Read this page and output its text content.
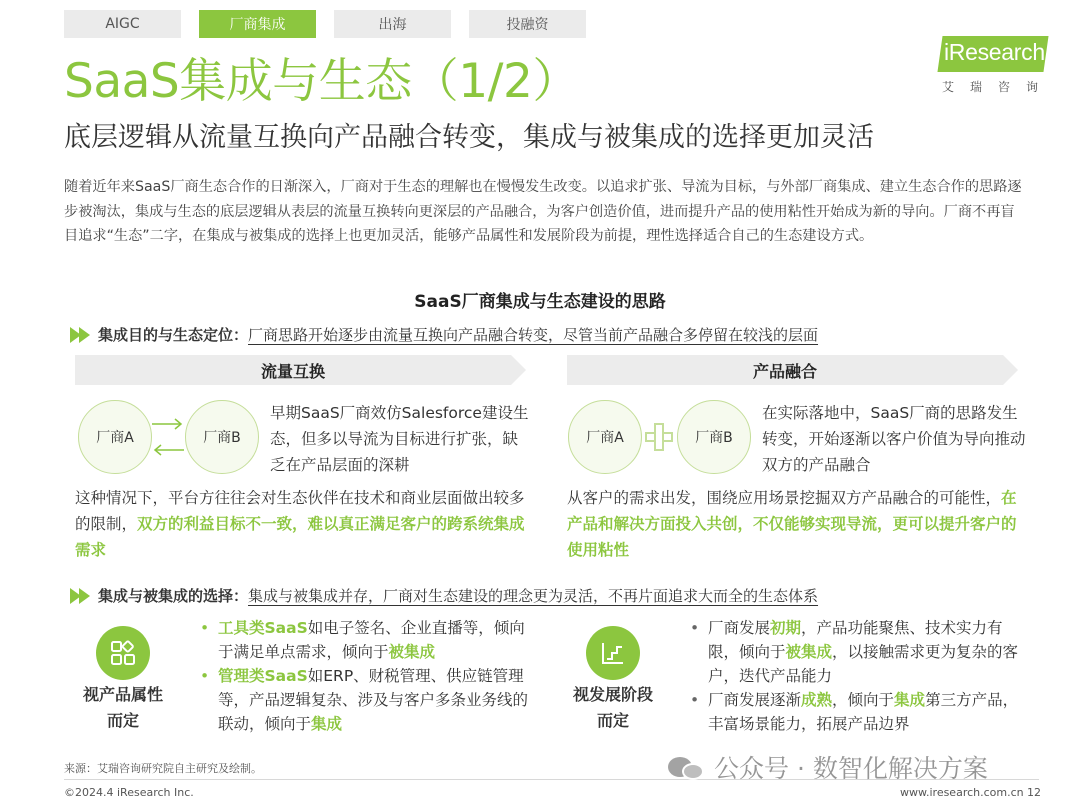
AIGC	厂商集成	出海	投融资
iResearch
艾 瑞 咨 询
SaaS集成与生态（1/2）
底层逻辑从流量互换向产品融合转变，集成与被集成的选择更加灵活

随着近年来SaaS厂商生态合作的日渐深入，厂商对于生态的理解也在慢慢发生改变。以追求扩张、导流为目标，与外部厂商集成、建立生态合作的思路逐步被淘汰，集成与生态的底层逻辑从表层的流量互换转向更深层的产品融合，为客户创造价值，进而提升产品的使用粘性开始成为新的导向。厂商不再盲目追求“生态”二字，在集成与被集成的选择上也更加灵活，能够产品属性和发展阶段为前提，理性选择适合自己的生态建设方式。

SaaS厂商集成与生态建设的思路
集成目的与生态定位： 厂商思路开始逐步由流量互换向产品融合转变，尽管当前产品融合多停留在较浅的层面
流量互换
厂商A	厂商B
早期SaaS厂商效仿Salesforce建设生态，但多以导流为目标进行扩张，缺乏在产品层面的深耕
这种情况下，平台方往往会对生态伙伴在技术和商业层面做出较多的限制，双方的利益目标不一致，难以真正满足客户的跨系统集成需求
产品融合
厂商A	厂商B
在实际落地中，SaaS厂商的思路发生转变，开始逐渐以客户价值为导向推动双方的产品融合
从客户的需求出发，围绕应用场景挖掘双方产品融合的可能性，在产品和解决方面投入共创，不仅能够实现导流，更可以提升客户的使用粘性
集成与被集成的选择： 集成与被集成并存，厂商对生态建设的理念更为灵活，不再片面追求大而全的生态体系
视产品属性
而定
• 工具类SaaS如电子签名、企业直播等，倾向于满足单点需求，倾向于被集成
• 管理类SaaS如ERP、财税管理、供应链管理等，产品逻辑复杂、涉及与客户多条业务线的联动，倾向于集成
视发展阶段
而定
• 厂商发展初期，产品功能聚焦、技术实力有限，倾向于被集成，以接触需求更为复杂的客户，迭代产品能力
• 厂商发展逐渐成熟，倾向于集成第三方产品，丰富场景能力，拓展产品边界
来源：艾瑞咨询研究院自主研究及绘制。
©2024.4 iResearch Inc.	www.iresearch.com.cn 12
公众号 · 数智化解决方案
